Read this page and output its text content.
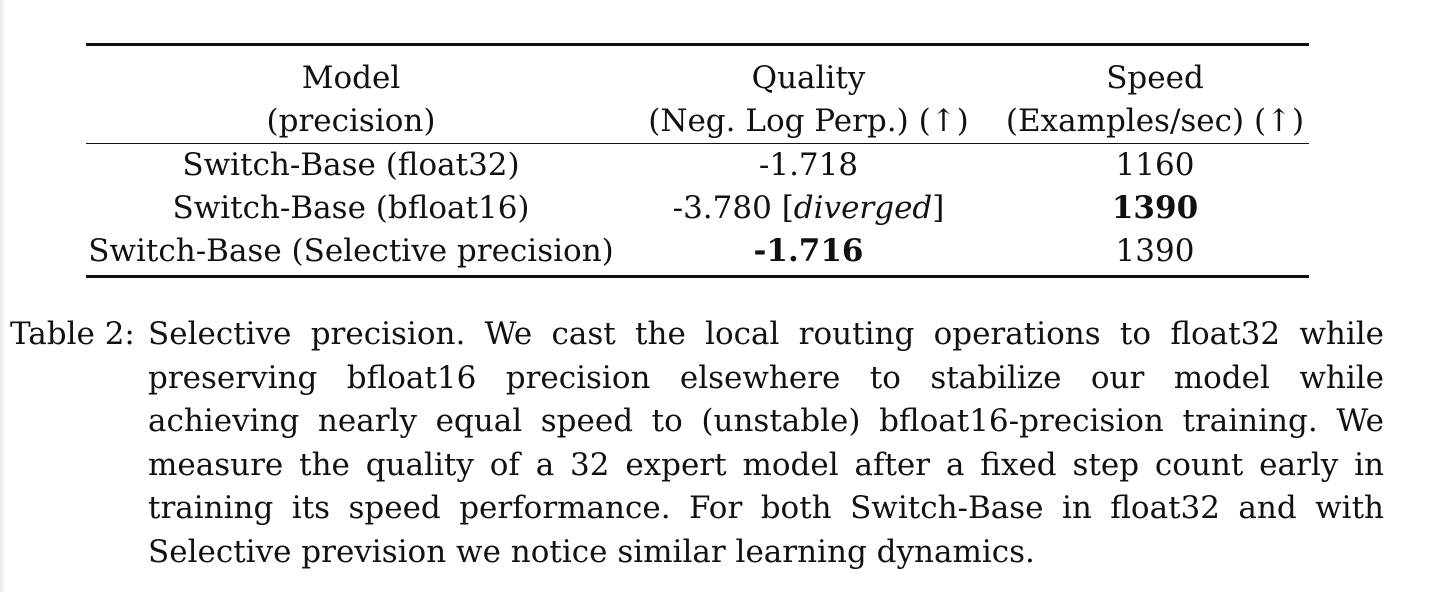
Model	Quality	Speed
(precision)	(Neg. Log Perp.) (↑)	(Examples/sec) (↑)
Switch-Base (float32)	-1.718	1160
Switch-Base (bfloat16)	-3.780 [diverged]	1390
Switch-Base (Selective precision)	-1.716	1390
Table 2: Selective precision. We cast the local routing operations to float32 while preserving bfloat16 precision elsewhere to stabilize our model while achieving nearly equal speed to (unstable) bfloat16-precision training. We measure the quality of a 32 expert model after a fixed step count early in training its speed performance. For both Switch-Base in float32 and with Selective prevision we notice similar learning dynamics.
